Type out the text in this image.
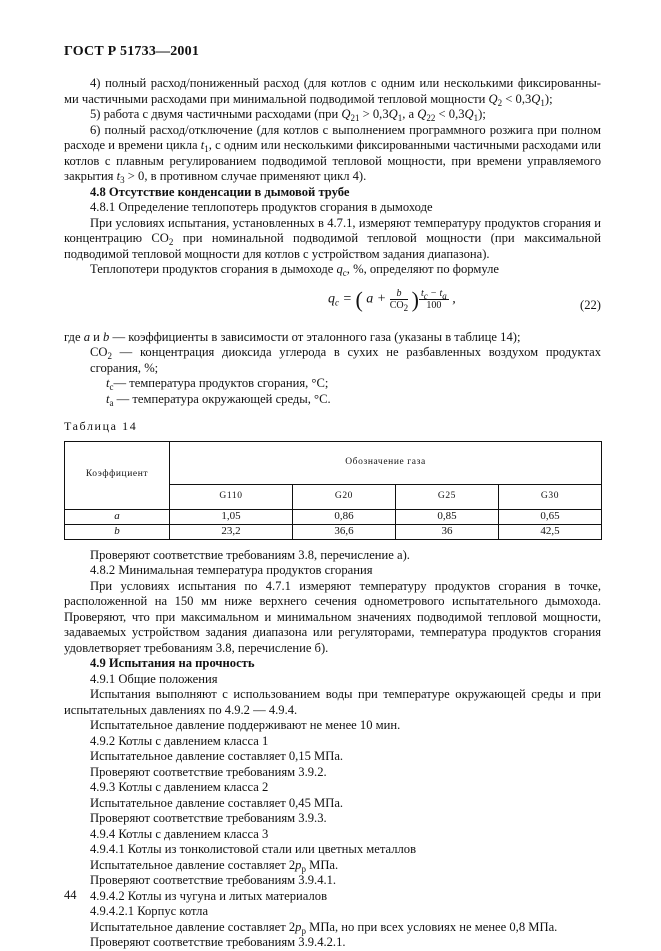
ГОСТ Р 51733—2001

4) полный расход/пониженный расход (для котлов с одним или несколькими фиксированны-ми частичными расходами при минимальной подводимой тепловой мощности $Q_2 < 0,3Q_1$);

5) работа с двумя частичными расходами (при $Q_{21} > 0,3Q_1$, а $Q_{22} < 0,3Q_1$);

6) полный расход/отключение (для котлов с выполнением программного розжига при полном расходе и времени цикла $t_1$, с одним или несколькими фиксированными частичными расходами или котлов с плавным регулированием подводимой тепловой мощности, при времени управляемого закрытия $t_3 > 0$, в противном случае применяют цикл 4).

4.8 Отсутствие конденсации в дымовой трубе

4.8.1 Определение теплопотерь продуктов сгорания в дымоходе

При условиях испытания, установленных в 4.7.1, измеряют температуру продуктов сгорания и концентрацию $CO_2$ при номинальной подводимой тепловой мощности (при максимальной подводимой тепловой мощности для котлов с устройством задания диапазона).

Теплопотери продуктов сгорания в дымоходе $q_c$, %, определяют по формуле

$q_c$ = ( $a + \frac{b}{CO_2}$ ) $\frac{t_c - t_a}{100}$ ,	(22)

где a и b — коэффициенты в зависимости от эталонного газа (указаны в таблице 14);

$CO_2$ — концентрация диоксида углерода в сухих не разбавленных воздухом продуктах сгорания, %;

$t_c—$ температура продуктов сгорания, °С;

$t_a$ — температура окружающей среды, °С.

Таблица 14

Коэффициент	Обозначение газа			
	G110	G20	G25	G30
a	1,05	0,86	0,85	0,65
b	23,2	36,6	36	42,5

Проверяют соответствие требованиям 3.8, перечисление а).

4.8.2 Минимальная температура продуктов сгорания

При условиях испытания по 4.7.1 измеряют температуру продуктов сгорания в точке, расположенной на 150 мм ниже верхнего сечения однометрового испытательного дымохода. Проверяют, что при максимальном и минимальном значениях подводимой тепловой мощности, задаваемых устройством задания диапазона или регуляторами, температура продуктов сгорания удовлетворяет требованиям 3.8, перечисление б).

4.9 Испытания на прочность

4.9.1 Общие положения

Испытания выполняют с использованием воды при температуре окружающей среды и при испытательных давлениях по 4.9.2 — 4.9.4.

Испытательное давление поддерживают не менее 10 мин.

4.9.2 Котлы с давлением класса 1

Испытательное давление составляет 0,15 МПа.

Проверяют соответствие требованиям 3.9.2.

4.9.3 Котлы с давлением класса 2

Испытательное давление составляет 0,45 МПа.

Проверяют соответствие требованиям 3.9.3.

4.9.4 Котлы с давлением класса 3

4.9.4.1 Котлы из тонколистовой стали или цветных металлов

Испытательное давление составляет $2p_р$ МПа.

Проверяют соответствие требованиям 3.9.4.1.

4.9.4.2 Котлы из чугуна и литых материалов

4.9.4.2.1 Корпус котла

Испытательное давление составляет $2p_р$ МПа, но при всех условиях не менее 0,8 МПа.

Проверяют соответствие требованиям 3.9.4.2.1.

44
